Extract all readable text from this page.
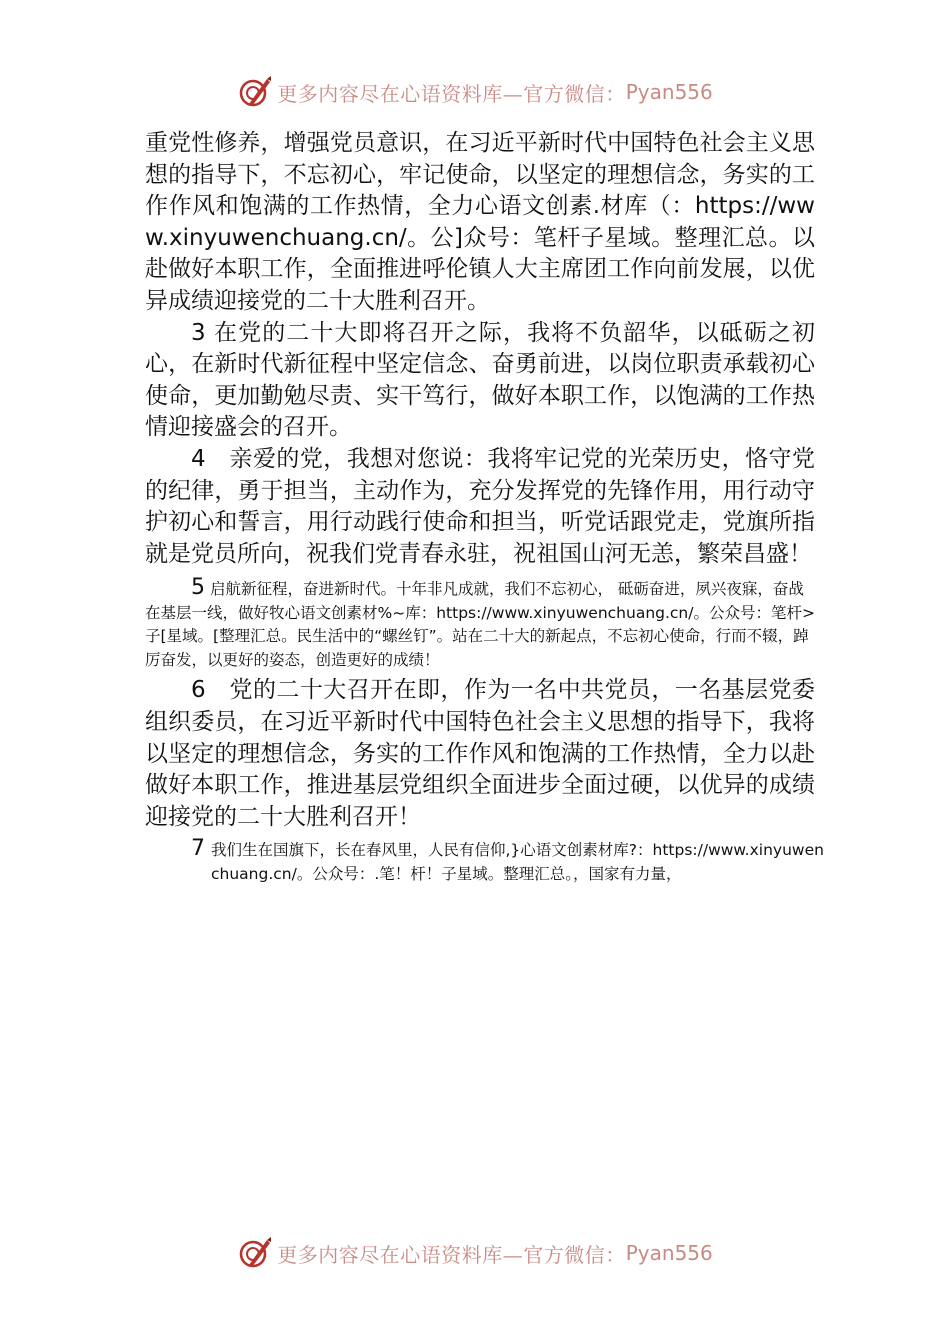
更多内容尽在心语资料库—官方微信： Pyan556

重党性修养，增强党员意识，在习近平新时代中国特色社会主义思想的指导下，不忘初心，牢记使命，以坚定的理想信念，务实的工作作风和饱满的工作热情，全力心语文创素.材库（：https://www.xinyuwenchuang.cn/。公]众号：笔杆子星域。整理汇总。以赴做好本职工作，全面推进呼伦镇人大主席团工作向前发展，以优异成绩迎接党的二十大胜利召开。

3 在党的二十大即将召开之际，我将不负韶华，以砥砺之初心，在新时代新征程中坚定信念、奋勇前进，以岗位职责承载初心使命，更加勤勉尽责、实干笃行，做好本职工作，以饱满的工作热情迎接盛会的召开。

4　亲爱的党，我想对您说：我将牢记党的光荣历史，恪守党的纪律，勇于担当，主动作为，充分发挥党的先锋作用，用行动守护初心和誓言，用行动践行使命和担当，听党话跟党走，党旗所指就是党员所向，祝我们党青春永驻，祝祖国山河无恙，繁荣昌盛！

5 启航新征程，奋进新时代。十年非凡成就，我们不忘初心， 砥砺奋进，夙兴夜寐，奋战在基层一线，做好牧心语文创素材%~库：https://www.xinyuwenchuang.cn/。公众号：笔杆>子[星域。[整理汇总。民生活中的“螺丝钉”。站在二十大的新起点，不忘初心使命，行而不辍，踔厉奋发，以更好的姿态，创造更好的成绩！

6　党的二十大召开在即，作为一名中共党员，一名基层党委组织委员，在习近平新时代中国特色社会主义思想的指导下，我将以坚定的理想信念，务实的工作作风和饱满的工作热情，全力以赴做好本职工作，推进基层党组织全面进步全面过硬，以优异的成绩迎接党的二十大胜利召开！

7 我们生在国旗下，长在春风里，人民有信仰,}心语文创素材库?：https://www.xinyuwenchuang.cn/。公众号：.笔！杆！子星域。整理汇总。，国家有力量，

更多内容尽在心语资料库—官方微信： Pyan556
